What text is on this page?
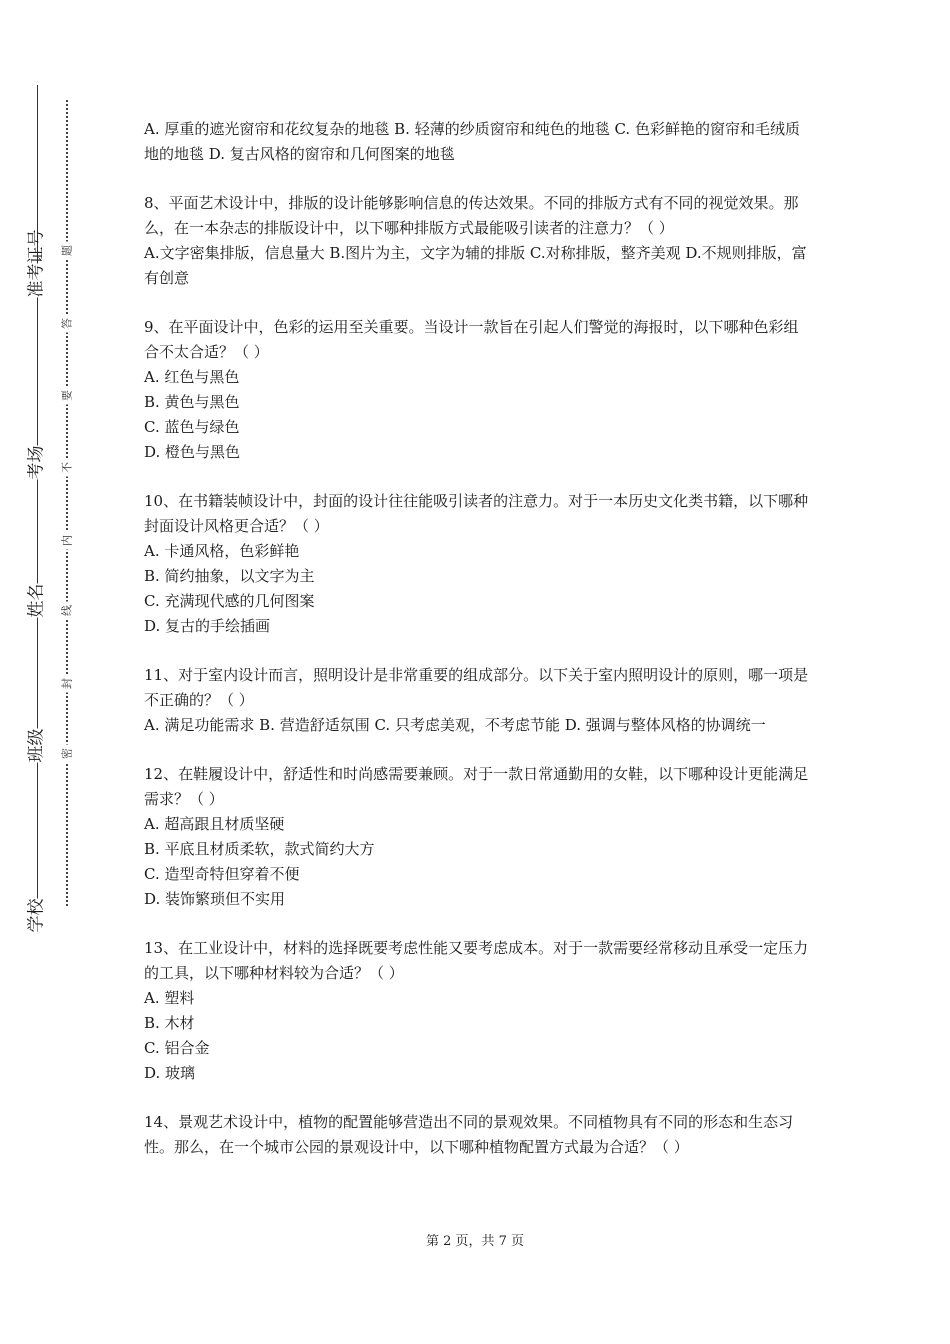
准考证号
考场
姓名
班级
学校
题
答
要
不
内
线
封
密
A. 厚重的遮光窗帘和花纹复杂的地毯 B. 轻薄的纱质窗帘和纯色的地毯 C. 色彩鲜艳的窗帘和毛绒质地的地毯 D. 复古风格的窗帘和几何图案的地毯
8、平面艺术设计中，排版的设计能够影响信息的传达效果。不同的排版方式有不同的视觉效果。那么，在一本杂志的排版设计中，以下哪种排版方式最能吸引读者的注意力？（ ）
A.文字密集排版，信息量大 B.图片为主，文字为辅的排版 C.对称排版，整齐美观 D.不规则排版，富有创意
9、在平面设计中，色彩的运用至关重要。当设计一款旨在引起人们警觉的海报时，以下哪种色彩组合不太合适？（ ）
A. 红色与黑色
B. 黄色与黑色
C. 蓝色与绿色
D. 橙色与黑色
10、在书籍装帧设计中，封面的设计往往能吸引读者的注意力。对于一本历史文化类书籍，以下哪种封面设计风格更合适？（ ）
A. 卡通风格，色彩鲜艳
B. 简约抽象，以文字为主
C. 充满现代感的几何图案
D. 复古的手绘插画
11、对于室内设计而言，照明设计是非常重要的组成部分。以下关于室内照明设计的原则，哪一项是不正确的？（ ）
A. 满足功能需求 B. 营造舒适氛围 C. 只考虑美观，不考虑节能 D. 强调与整体风格的协调统一
12、在鞋履设计中，舒适性和时尚感需要兼顾。对于一款日常通勤用的女鞋，以下哪种设计更能满足需求？（ ）
A. 超高跟且材质坚硬
B. 平底且材质柔软，款式简约大方
C. 造型奇特但穿着不便
D. 装饰繁琐但不实用
13、在工业设计中，材料的选择既要考虑性能又要考虑成本。对于一款需要经常移动且承受一定压力的工具，以下哪种材料较为合适？（ ）
A. 塑料
B. 木材
C. 铝合金
D. 玻璃
14、景观艺术设计中，植物的配置能够营造出不同的景观效果。不同植物具有不同的形态和生态习性。那么，在一个城市公园的景观设计中，以下哪种植物配置方式最为合适？（ ）
第 2 页，共 7 页
